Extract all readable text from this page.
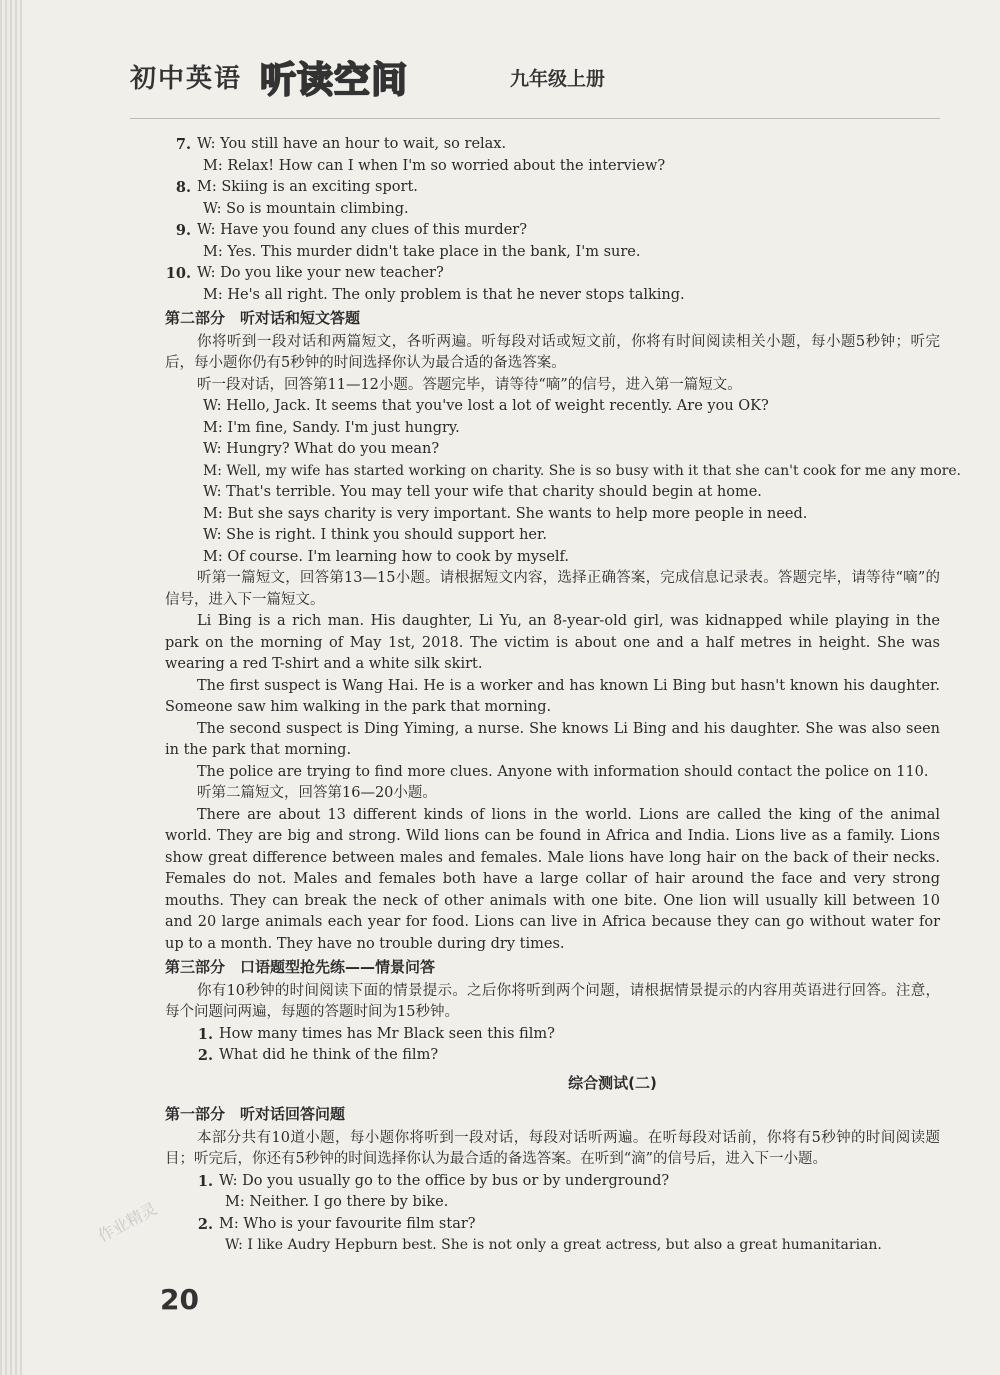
初中英语 听读空间	九年级上册
7. W: You still have an hour to wait, so relax.
M: Relax! How can I when I'm so worried about the interview?
8. M: Skiing is an exciting sport.
W: So is mountain climbing.
9. W: Have you found any clues of this murder?
M: Yes. This murder didn't take place in the bank, I'm sure.
10. W: Do you like your new teacher?
M: He's all right. The only problem is that he never stops talking.
第二部分　听对话和短文答题
你将听到一段对话和两篇短文，各听两遍。听每段对话或短文前，你将有时间阅读相关小题，每小题5秒钟；听完后，每小题你仍有5秒钟的时间选择你认为最合适的备选答案。
听一段对话，回答第11—12小题。答题完毕，请等待“嘀”的信号，进入第一篇短文。
W: Hello, Jack. It seems that you've lost a lot of weight recently. Are you OK?
M: I'm fine, Sandy. I'm just hungry.
W: Hungry? What do you mean?
M: Well, my wife has started working on charity. She is so busy with it that she can't cook for me any more.
W: That's terrible. You may tell your wife that charity should begin at home.
M: But she says charity is very important. She wants to help more people in need.
W: She is right. I think you should support her.
M: Of course. I'm learning how to cook by myself.
听第一篇短文，回答第13—15小题。请根据短文内容，选择正确答案，完成信息记录表。答题完毕，请等待“嘀”的信号，进入下一篇短文。
Li Bing is a rich man. His daughter, Li Yu, an 8-year-old girl, was kidnapped while playing in the park on the morning of May 1st, 2018. The victim is about one and a half metres in height. She was wearing a red T-shirt and a white silk skirt.
The first suspect is Wang Hai. He is a worker and has known Li Bing but hasn't known his daughter. Someone saw him walking in the park that morning.
The second suspect is Ding Yiming, a nurse. She knows Li Bing and his daughter. She was also seen in the park that morning.
The police are trying to find more clues. Anyone with information should contact the police on 110.
听第二篇短文，回答第16—20小题。
There are about 13 different kinds of lions in the world. Lions are called the king of the animal world. They are big and strong. Wild lions can be found in Africa and India. Lions live as a family. Lions show great difference between males and females. Male lions have long hair on the back of their necks. Females do not. Males and females both have a large collar of hair around the face and very strong mouths. They can break the neck of other animals with one bite. One lion will usually kill between 10 and 20 large animals each year for food. Lions can live in Africa because they can go without water for up to a month. They have no trouble during dry times.
第三部分　口语题型抢先练——情景问答
你有10秒钟的时间阅读下面的情景提示。之后你将听到两个问题，请根据情景提示的内容用英语进行回答。注意，每个问题问两遍，每题的答题时间为15秒钟。
1. How many times has Mr Black seen this film?
2. What did he think of the film?
综合测试(二)
第一部分　听对话回答问题
本部分共有10道小题，每小题你将听到一段对话，每段对话听两遍。在听每段对话前，你将有5秒钟的时间阅读题目；听完后，你还有5秒钟的时间选择你认为最合适的备选答案。在听到“滴”的信号后，进入下一小题。
1. W: Do you usually go to the office by bus or by underground?
M: Neither. I go there by bike.
2. M: Who is your favourite film star?
W: I like Audry Hepburn best. She is not only a great actress, but also a great humanitarian.
作业精灵
20
